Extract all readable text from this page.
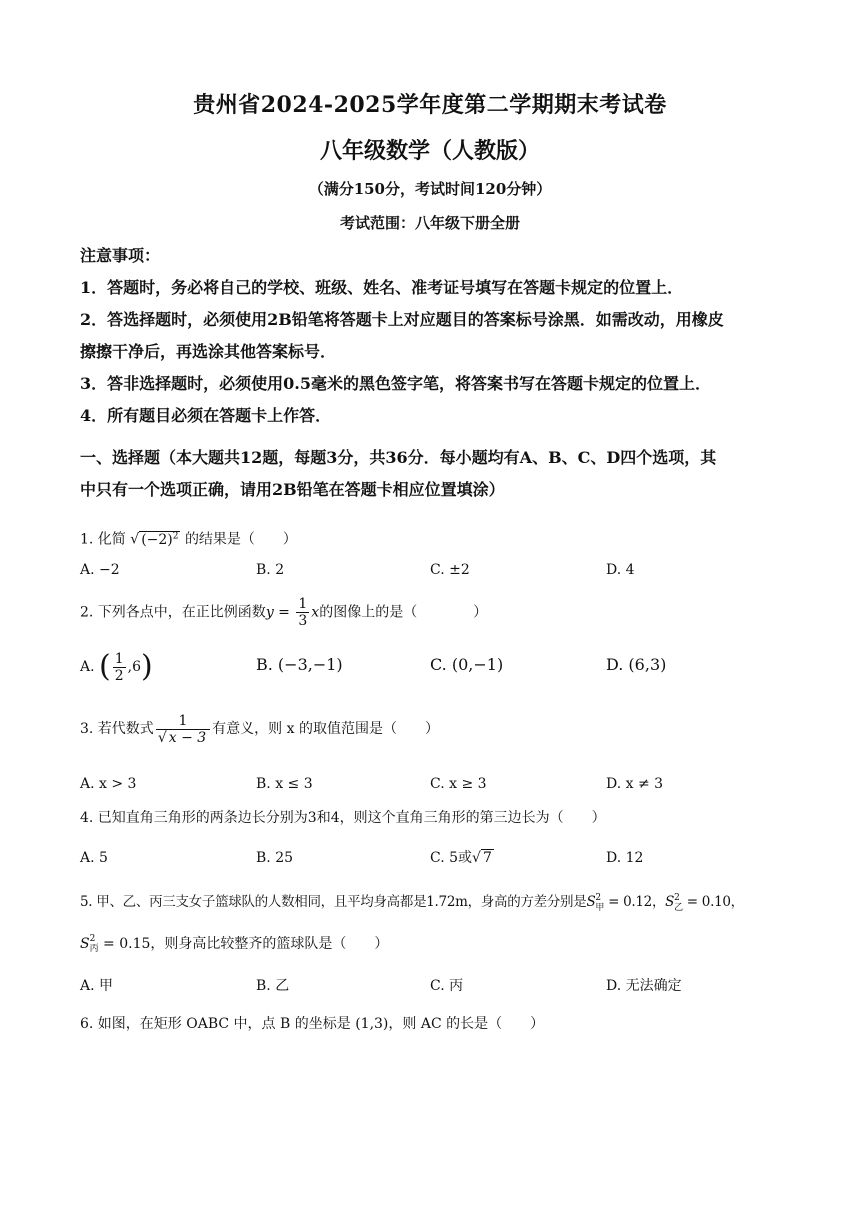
贵州省2024-2025学年度第二学期期末考试卷
八年级数学（人教版）
（满分150分，考试时间120分钟）
考试范围：八年级下册全册
注意事项：
1．答题时，务必将自己的学校、班级、姓名、准考证号填写在答题卡规定的位置上．
2．答选择题时，必须使用2B铅笔将答题卡上对应题目的答案标号涂黑．如需改动，用橡皮
擦擦干净后，再选涂其他答案标号．
3．答非选择题时，必须使用0.5毫米的黑色签字笔，将答案书写在答题卡规定的位置上．
4．所有题目必须在答题卡上作答．
一、选择题（本大题共12题，每题3分，共36分．每小题均有A、B、C、D四个选项，其
中只有一个选项正确，请用2B铅笔在答题卡相应位置填涂）
1. 化简 √ $(-2)^2$ 的结果是（　　）
A. −2	B. 2	C. ±2	D. 4
2. 下列各点中，在正比例函数$y = \frac{1}{3}$ x的图像上的是（　　　　）
A. ( $\frac{1}{2} ,6$)	B. (−3,−1)	C. (0,−1)	D. (6,3)
3. 若代数式 $\frac{1}{√ x - 3}$ 有意义，则 x 的取值范围是（　　）
A. x > 3	B. x ≤ 3	C. x ≥ 3	D. x ≠ 3
4. 已知直角三角形的两条边长分别为3和4，则这个直角三角形的第三边长为（　　）
A. 5	B. 25	C. 5或√ 7	D. 12
5. 甲、乙、丙三支女子篮球队的人数相同，且平均身高都是1.72m，身高的方差分别是S 2
甲 = 0.12，S 2
乙 = 0.10，
S 2
丙 = 0.15，则身高比较整齐的篮球队是（　　）
A. 甲	B. 乙	C. 丙	D. 无法确定
6. 如图，在矩形 OABC 中，点 B 的坐标是 (1,3)，则 AC 的长是（　　）
